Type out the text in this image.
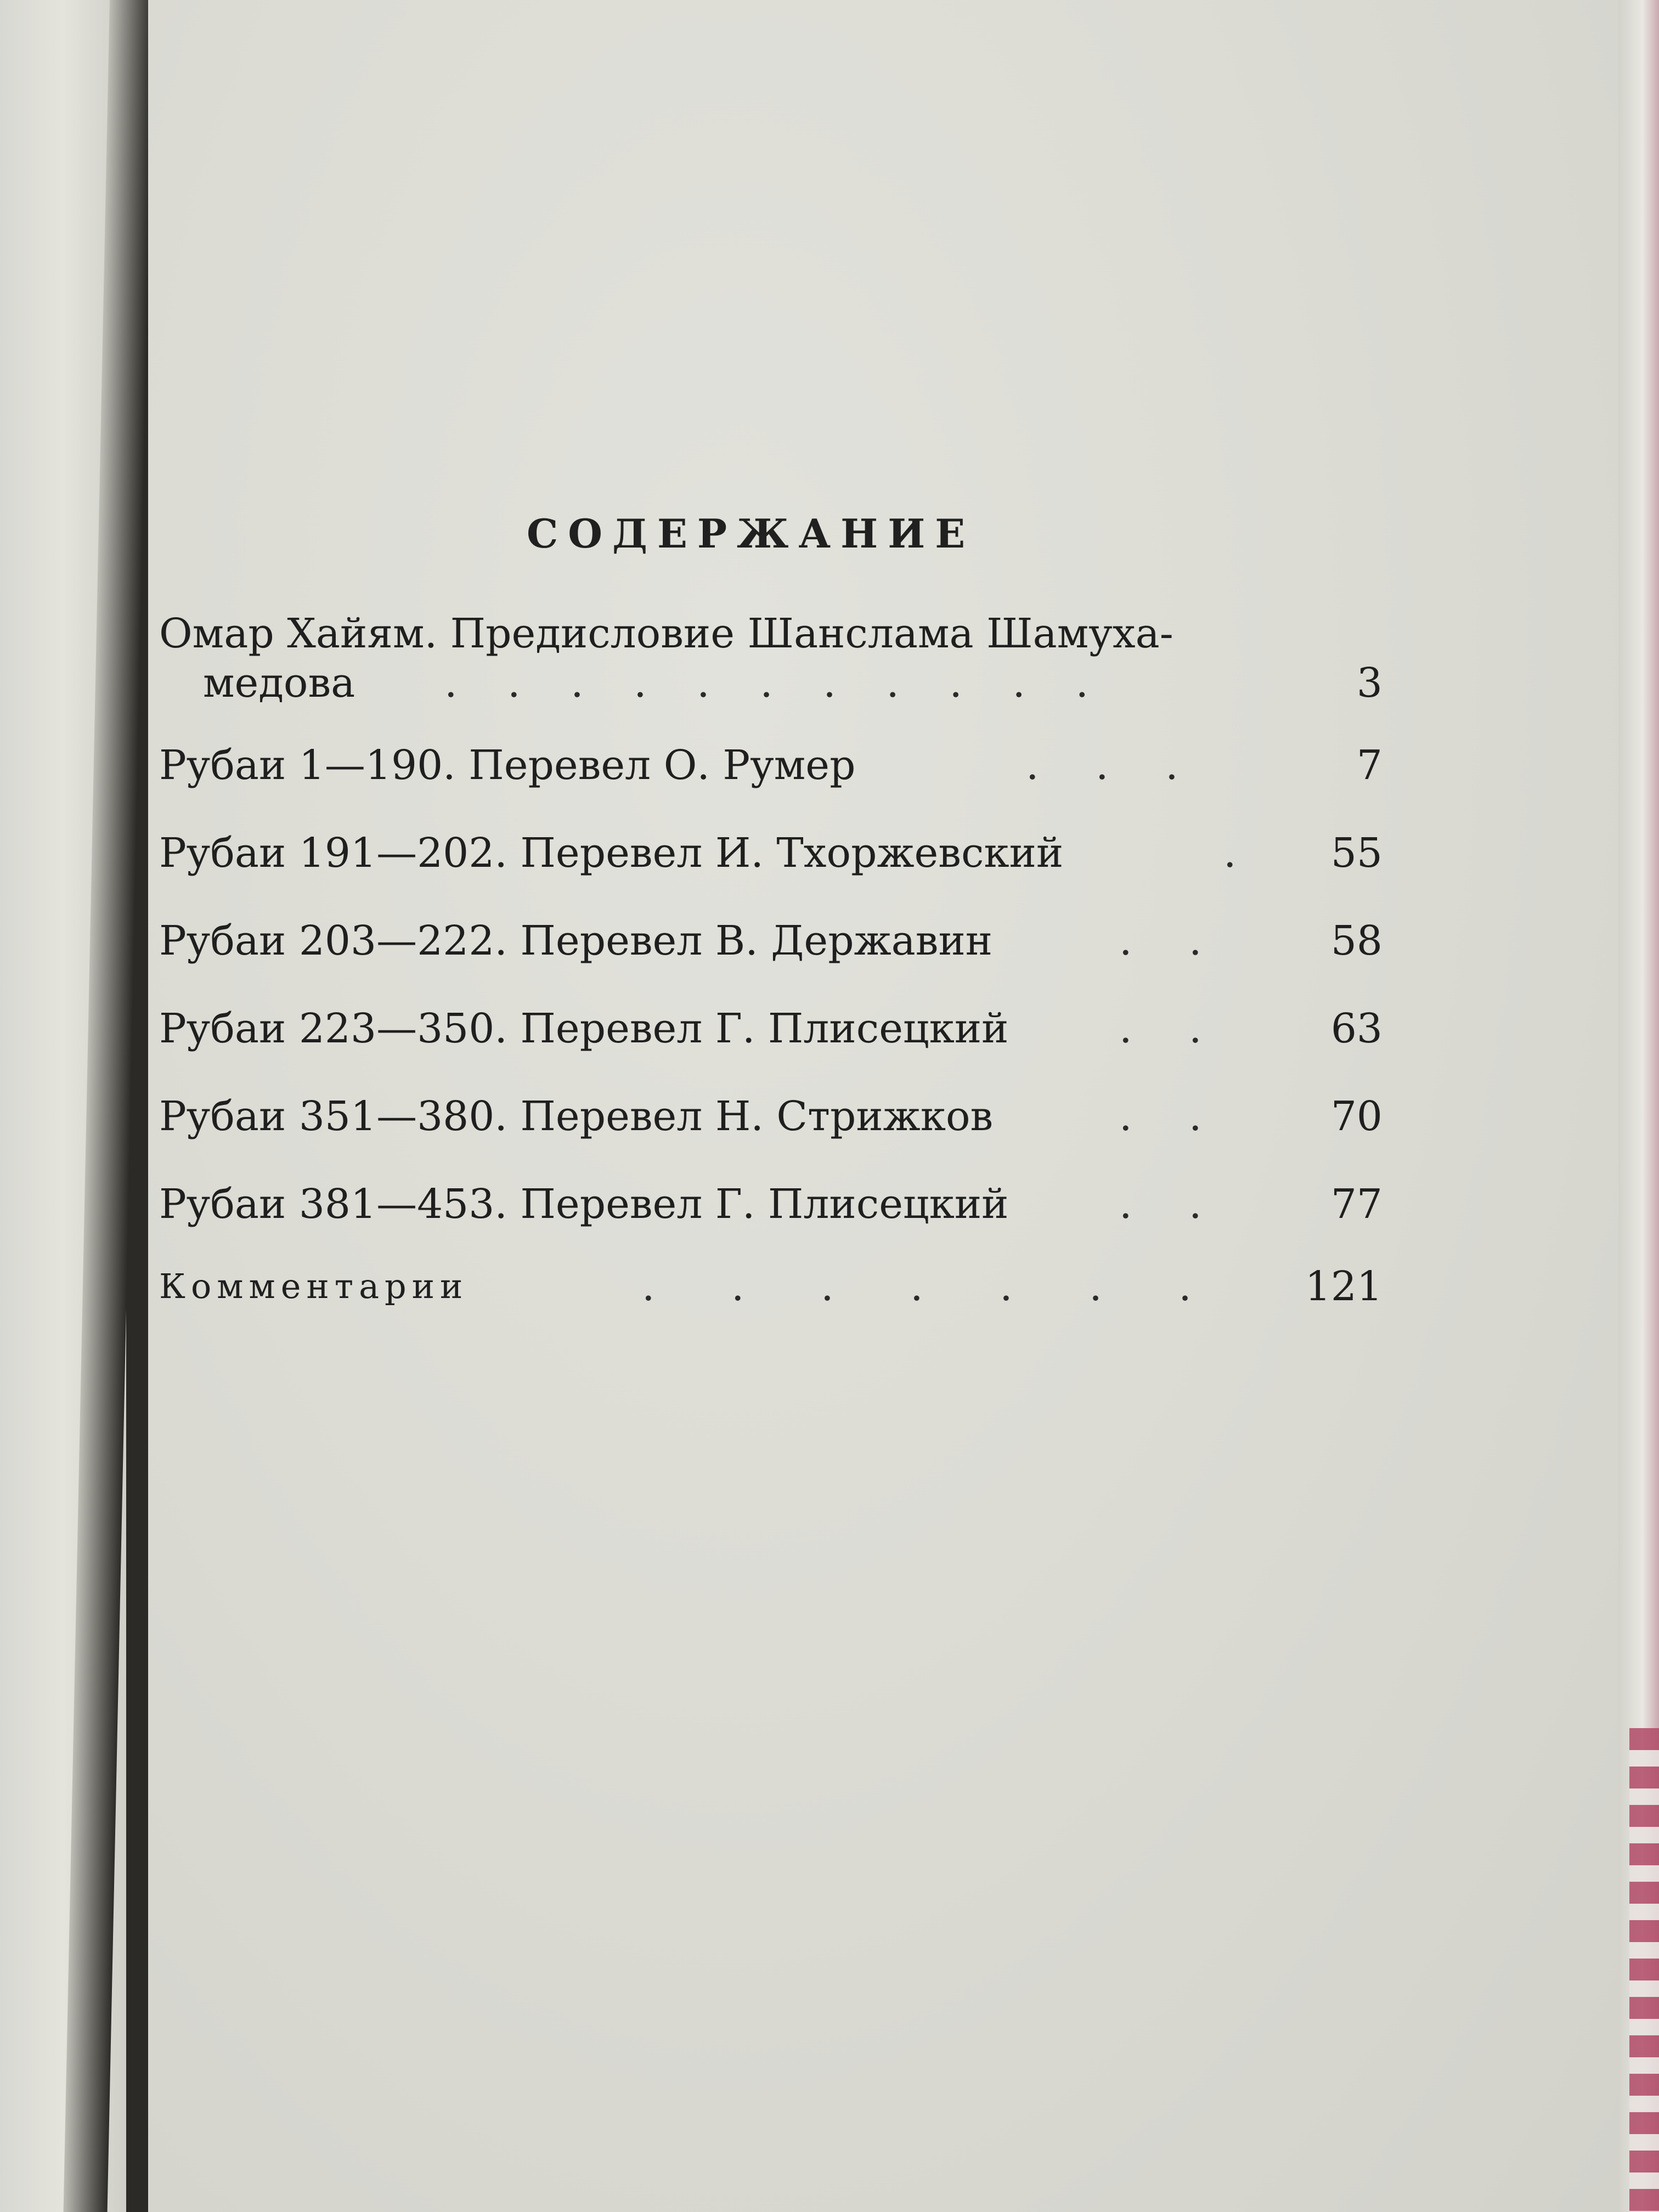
СОДЕРЖАНИЕ
Омар Хайям. Предисловие Шанслама Шамуха-
медова . . . . . . . . . . .	3
Рубаи 1—190. Перевел О. Румер	. . .	7
Рубаи 191—202. Перевел И. Тхоржевский	. 55
Рубаи 203—222. Перевел В. Державин	. .	58
Рубаи 223—350. Перевел Г. Плисецкий	. .	63
Рубаи 351—380. Перевел Н. Стрижков	. .	70
Рубаи 381—453. Перевел Г. Плисецкий	. .	77
Комментарии	. . . . . . . 121
